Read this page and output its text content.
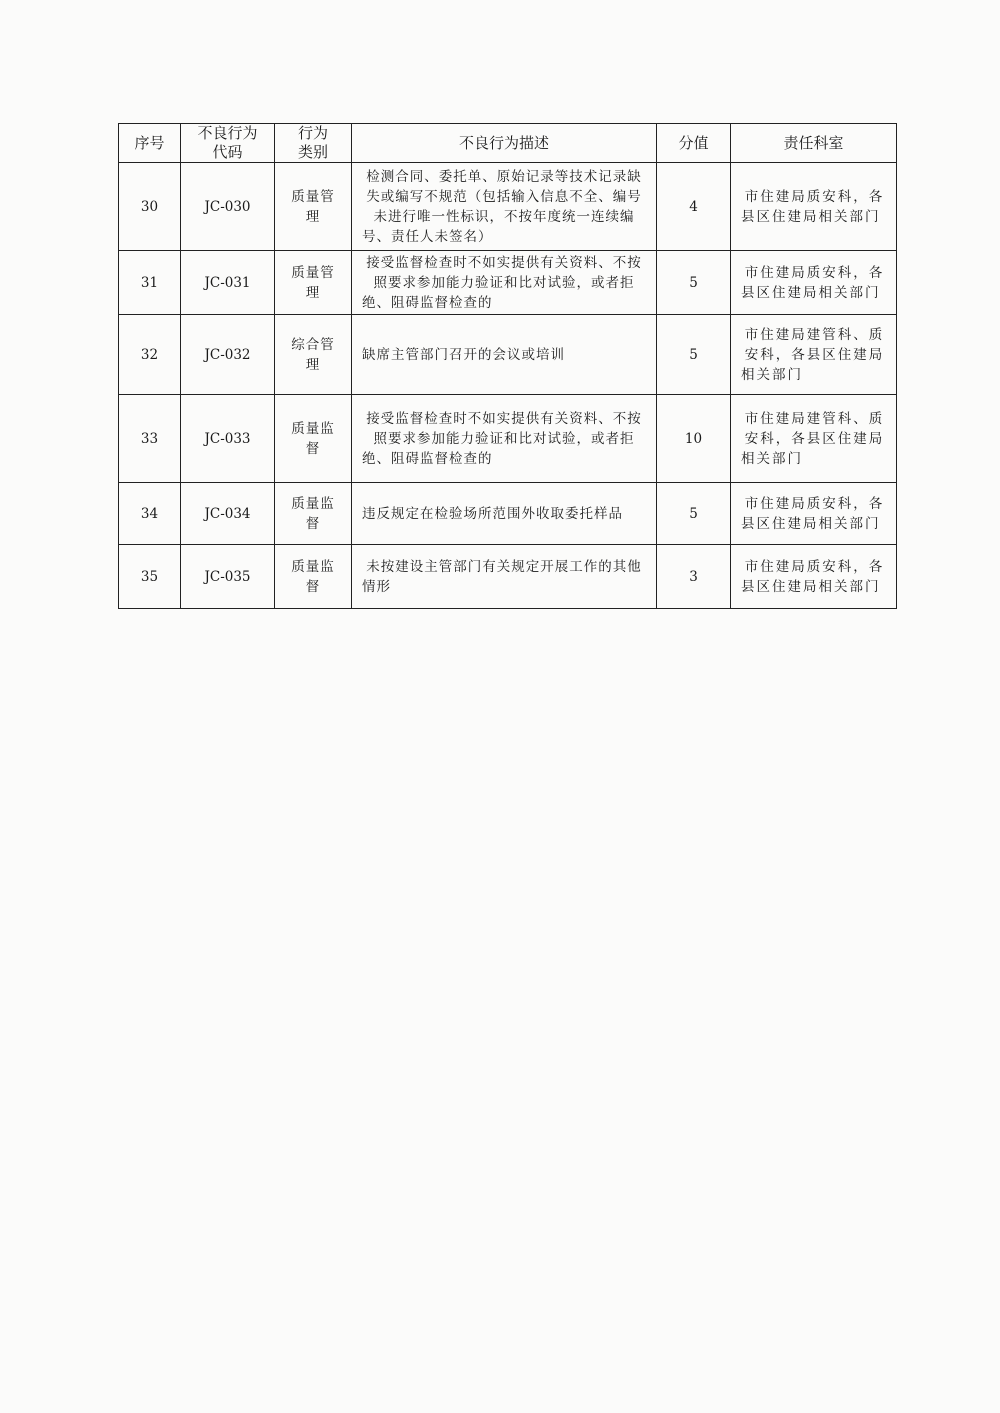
序号	不良行为代码	行为类别	不良行为描述	分值	责任科室
30	JC-030	质量管理	检测合同、委托单、原始记录等技术记录缺失或编写不规范（包括输入信息不全、编号未进行唯一性标识，不按年度统一连续编号、责任人未签名）	4	市住建局质安科，各县区住建局相关部门
31	JC-031	质量管理	接受监督检查时不如实提供有关资料、不按照要求参加能力验证和比对试验，或者拒绝、阻碍监督检查的	5	市住建局质安科，各县区住建局相关部门
32	JC-032	综合管理	缺席主管部门召开的会议或培训	5	市住建局建管科、质安科，各县区住建局相关部门
33	JC-033	质量监督	接受监督检查时不如实提供有关资料、不按照要求参加能力验证和比对试验，或者拒绝、阻碍监督检查的	10	市住建局建管科、质安科，各县区住建局相关部门
34	JC-034	质量监督	违反规定在检验场所范围外收取委托样品	5	市住建局质安科，各县区住建局相关部门
35	JC-035	质量监督	未按建设主管部门有关规定开展工作的其他情形	3	市住建局质安科，各县区住建局相关部门
